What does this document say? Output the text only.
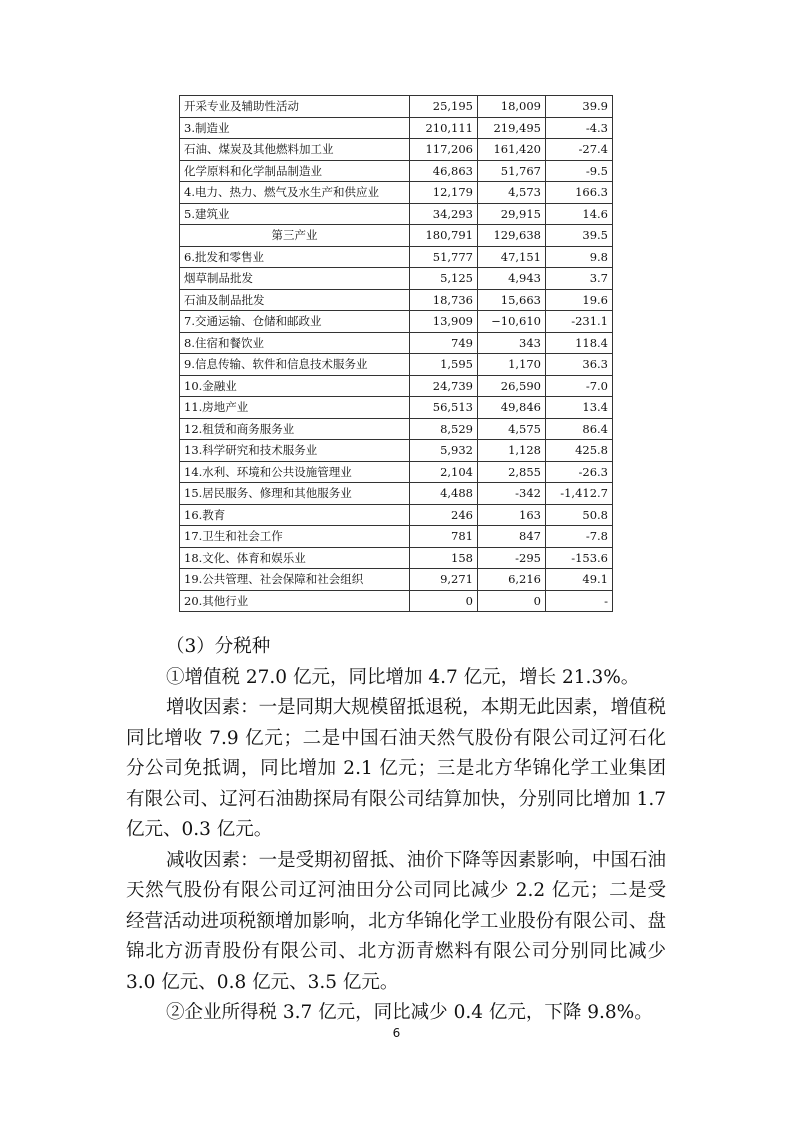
开采专业及辅助性活动	25,195	18,009	39.9
3.制造业	210,111	219,495	-4.3
石油、煤炭及其他燃料加工业	117,206	161,420	-27.4
化学原料和化学制品制造业	46,863	51,767	-9.5
4.电力、热力、燃气及水生产和供应业	12,179	4,573	166.3
5.建筑业	34,293	29,915	14.6
第三产业	180,791	129,638	39.5
6.批发和零售业	51,777	47,151	9.8
烟草制品批发	5,125	4,943	3.7
石油及制品批发	18,736	15,663	19.6
7.交通运输、仓储和邮政业	13,909	−10,610	-231.1
8.住宿和餐饮业	749	343	118.4
9.信息传输、软件和信息技术服务业	1,595	1,170	36.3
10.金融业	24,739	26,590	-7.0
11.房地产业	56,513	49,846	13.4
12.租赁和商务服务业	8,529	4,575	86.4
13.科学研究和技术服务业	5,932	1,128	425.8
14.水利、环境和公共设施管理业	2,104	2,855	-26.3
15.居民服务、修理和其他服务业	4,488	-342	-1,412.7
16.教育	246	163	50.8
17.卫生和社会工作	781	847	-7.8
18.文化、体育和娱乐业	158	-295	-153.6
19.公共管理、社会保障和社会组织	9,271	6,216	49.1
20.其他行业	0	0	-

（3）分税种

①增值税 27.0 亿元，同比增加 4.7 亿元，增长 21.3%。

增收因素：一是同期大规模留抵退税，本期无此因素，增值税同比增收 7.9 亿元；二是中国石油天然气股份有限公司辽河石化分公司免抵调，同比增加 2.1 亿元；三是北方华锦化学工业集团有限公司、辽河石油勘探局有限公司结算加快，分别同比增加 1.7 亿元、0.3 亿元。

减收因素：一是受期初留抵、油价下降等因素影响，中国石油天然气股份有限公司辽河油田分公司同比减少 2.2 亿元；二是受经营活动进项税额增加影响，北方华锦化学工业股份有限公司、盘锦北方沥青股份有限公司、北方沥青燃料有限公司分别同比减少 3.0 亿元、0.8 亿元、3.5 亿元。

②企业所得税 3.7 亿元，同比减少 0.4 亿元，下降 9.8%。

6
